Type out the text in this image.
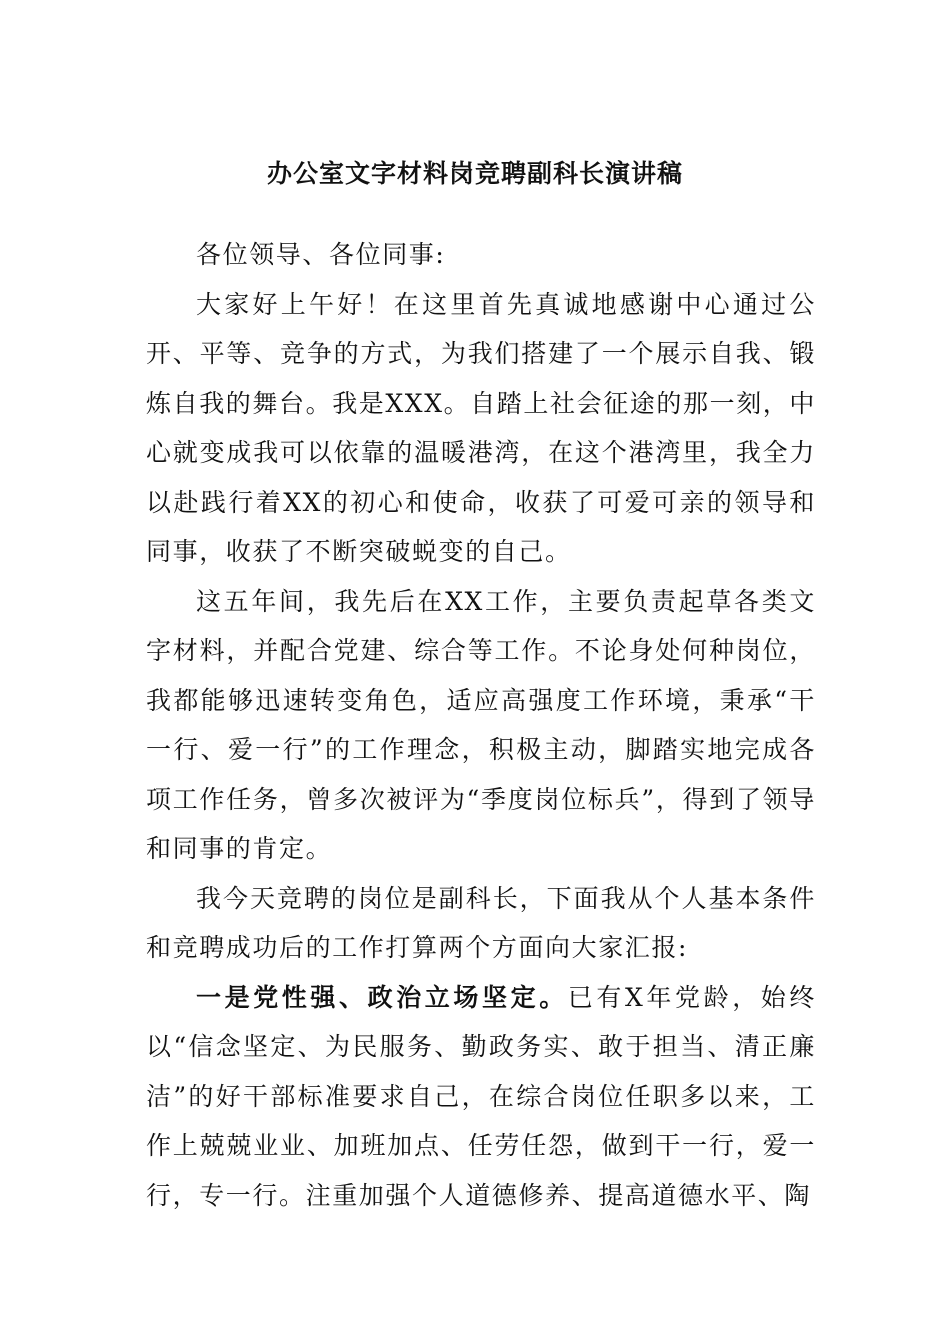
办公室文字材料岗竞聘副科长演讲稿

各位领导、各位同事:

大家好上午好！在这里首先真诚地感谢中心通过公开、平等、竞争的方式，为我们搭建了一个展示自我、锻炼自我的舞台。我是XXX。自踏上社会征途的那一刻，中心就变成我可以依靠的温暖港湾，在这个港湾里，我全力以赴践行着XX的初心和使命，收获了可爱可亲的领导和同事，收获了不断突破蜕变的自己。

这五年间，我先后在XX工作，主要负责起草各类文字材料，并配合党建、综合等工作。不论身处何种岗位，我都能够迅速转变角色，适应高强度工作环境，秉承“干一行、爱一行”的工作理念，积极主动，脚踏实地完成各项工作任务，曾多次被评为“季度岗位标兵”，得到了领导和同事的肯定。

我今天竞聘的岗位是副科长，下面我从个人基本条件和竞聘成功后的工作打算两个方面向大家汇报:

一是党性强、政治立场坚定。已有X年党龄，始终以“信念坚定、为民服务、勤政务实、敢于担当、清正廉洁”的好干部标准要求自己，在综合岗位任职多以来，工作上兢兢业业、加班加点、任劳任怨，做到干一行，爱一行，专一行。注重加强个人道德修养、提高道德水平、陶
